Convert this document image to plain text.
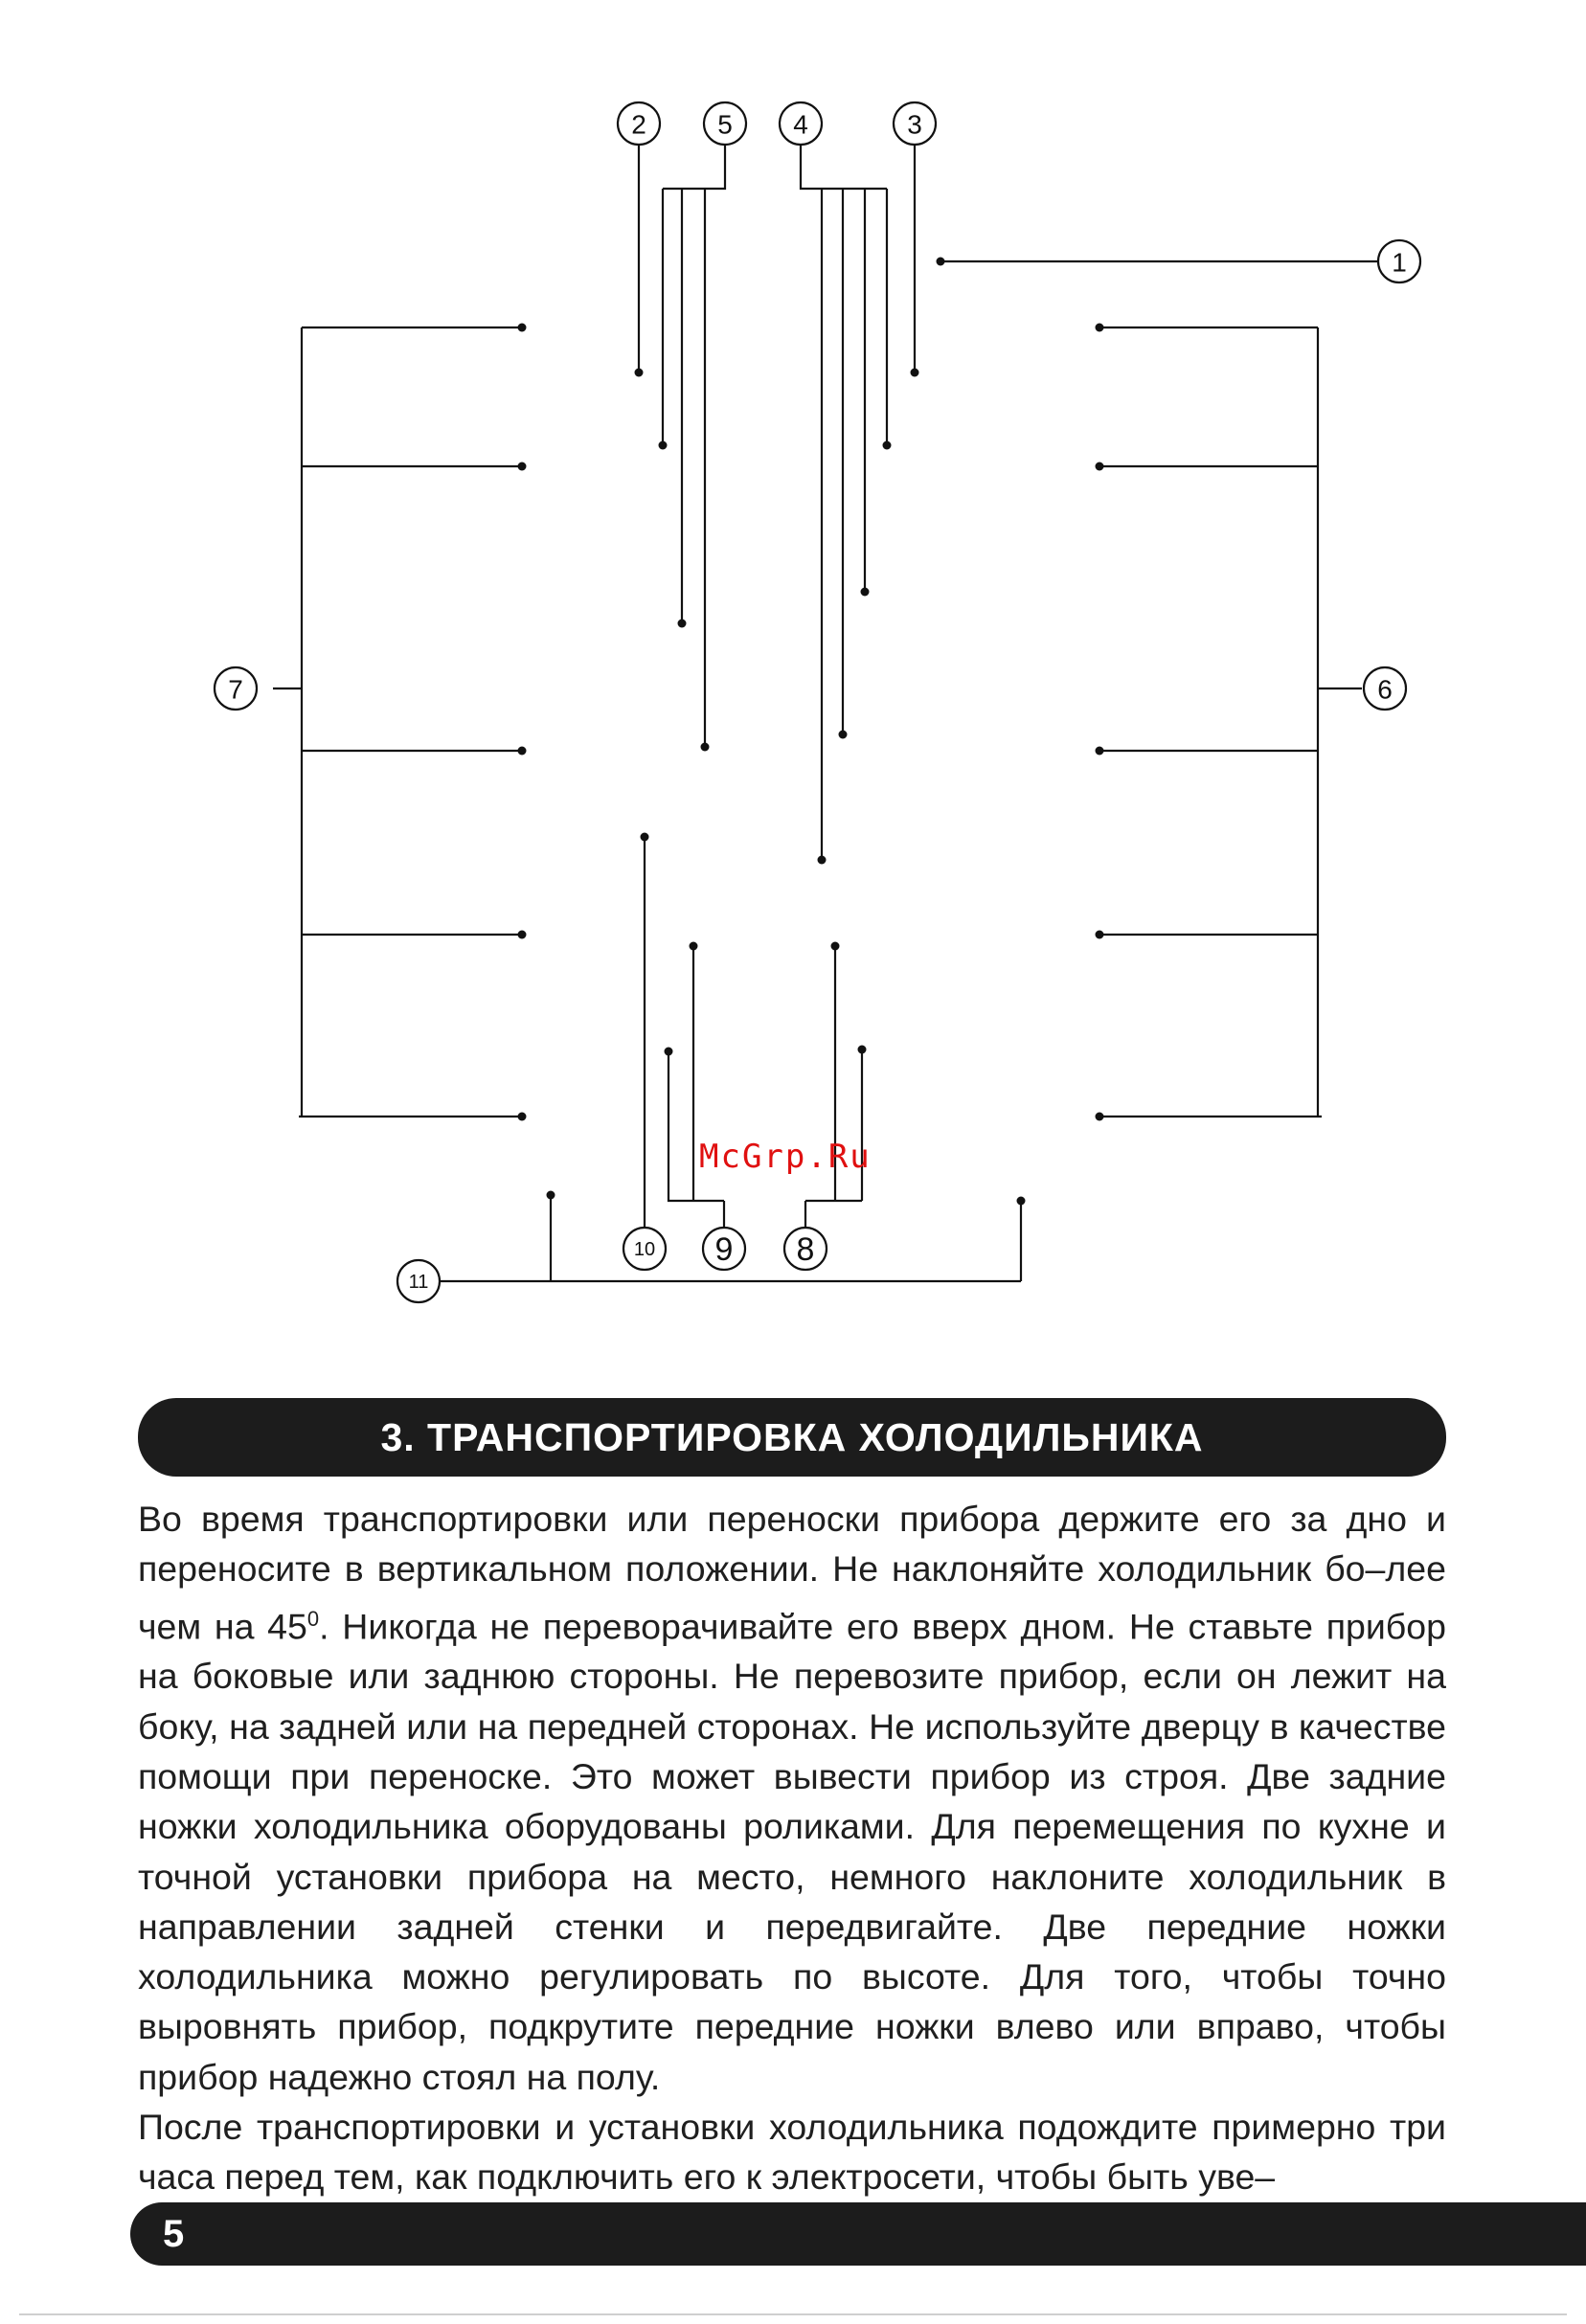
1
2	3
4
5
6
7
8
9
10
11
McGrp.Ru
3. ТРАНСПОРТИРОВКА ХОЛОДИЛЬНИКА

Во время транспортировки или переноски прибора держите его за дно и переносите в вертикальном положении. Не наклоняйте холодильник бо–лее чем на $45^0$. Никогда не переворачивайте его вверх дном. Не ставьте прибор на боковые или заднюю стороны. Не перевозите прибор, если он лежит на боку, на задней или на передней сторонах. Не используйте дверцу в качестве помощи при переноске. Это может вывести прибор из строя. Две задние ножки холодильника оборудованы роликами. Для перемещения по кухне и точной установки прибора на место, немного наклоните холодильник в направлении задней стенки и передвигайте. Две передние ножки холодильника можно регулировать по высоте. Для того, чтобы точно выровнять прибор, подкрутите передние ножки влево или вправо, чтобы прибор надежно стоял на полу.

После транспортировки и установки холодильника подождите примерно три часа перед тем, как подключить его к электросети, чтобы быть уве–

5
